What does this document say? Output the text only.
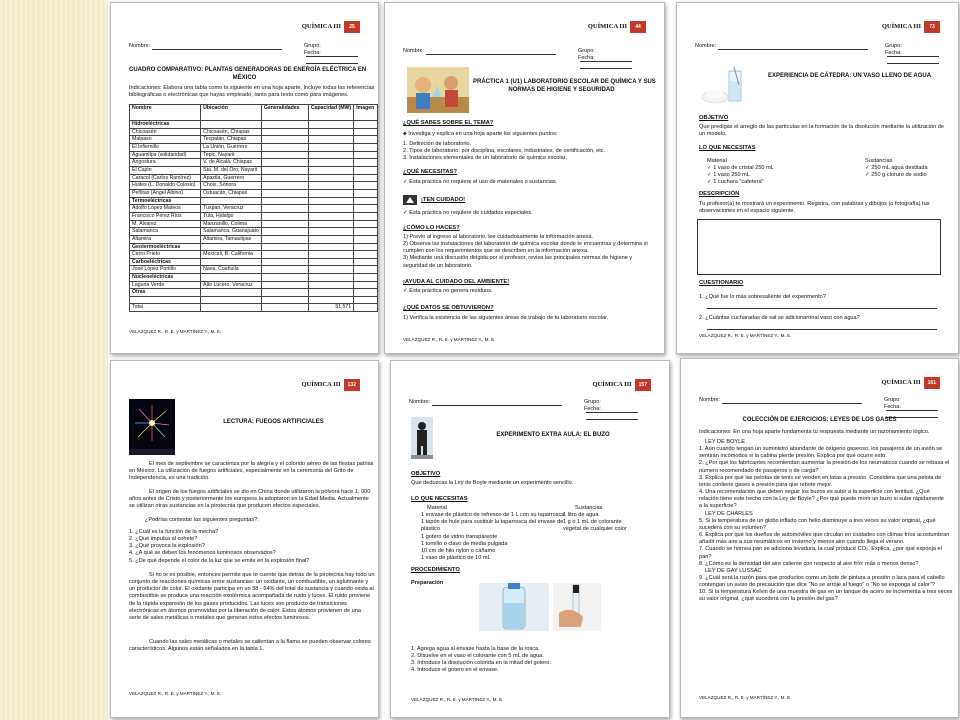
QUÍMICA III	25
Nombre:	Grupo:
Fecha:
CUADRO COMPARATIVO: PLANTAS GENERADORAS DE ENERGÍA ELÉCTRICA EN
MÉXICO
Indicaciones: Elabora una tabla como la siguiente en una hoja aparte. Incluye todas las referencias
bibliográficas o electrónicas que hayas empleado, tanto para texto como para imágenes.
Nombre	Ubicación	Generalidades	Capacidad (MW)	Imagen
Hidroeléctricas				
Chicoasén	Chicoasén, Chiapas			
Malpaso	Tecpatán, Chiapas			
El Infiernillo	La Unión, Guerrero			
Aguamilpa (solidaridad)	Tepic, Nayarit			
Angostura	V. de Alcalá, Chiapas			
El Cajón	Sta. M. del Oro, Nayarit			
Caracol (Carlos Ramírez)	Apaxtla, Guerrero			
Huites (L. Donaldo Colosio)	Choix, Sonora			
Peñitas (Ángel Albino)	Ostuacán, Chiapas			
Termoeléctricas				
Adolfo López Mateos	Tuxpan, Veracruz			
Francisco Pérez Ríos	Tula, Hidalgo			
M. Álvarez	Manzanillo, Colima			
Salamanca	Salamanca, Guanajuato			
Altamira	Altamira, Tamaulipas			
Geotermoeléctricas				
Cerro Prieto	Mexicali, B. California			
Carboeléctricas				
José López Portillo	Nava, Coahuila			
Nucleoeléctricas				
Laguna Verde	Alto Lucero, Veracruz			
Otras				

Total			51,571	
VELAZQUEZ R., R. E. y MARTÍNEZ Y., M. E.
QUÍMICA III	44
Nombre:	Grupo:
Fecha:
PRÁCTICA 1 (U1) LABORATORIO ESCOLAR DE QUÍMICA Y SUS
NORMAS DE HIGIENE Y SEGURIDAD
¿QUÉ SABES SOBRE EL TEMA?
♣ Investiga y explica en una hoja aparte los siguientes puntos:
1. Definición de laboratorio.
2. Tipos de laboratorio: por disciplina, escolares, industriales, de certificación, etc.
3. Instalaciones elementales de un laboratorio de química escolar.
¿QUÉ NECESITAS?
✓ Esta práctica no requiere el uso de materiales o sustancias.
¡TEN CUIDADO!
✓ Esta práctica no requiere de cuidados especiales.
¿CÓMO LO HACES?
1) Previo al ingreso al laboratorio, lee cuidadosamente la información anexa.
2) Observa las instalaciones del laboratorio de química escolar donde te encuentras y determina si
cumplen con los requerimientos que se describen en la información anexa.
3) Mediante una discusión dirigida por el profesor, revisa las principales normas de higiene y
seguridad de un laboratorio.
¡AYUDA AL CUIDADO DEL AMBIENTE!
✓ Esta práctica no genera residuos.
¿QUÉ DATOS SE OBTUVIERON?
1) Verifica la existencia de las siguientes áreas de trabajo de tu laboratorio escolar.
VELAZQUEZ R., R. E. y MARTÍNEZ Y., M. E.
QUÍMICA III	73
Nombre:	Grupo:
Fecha:
EXPERIENCIA DE CÁTEDRA: UN VASO LLENO DE AGUA
OBJETIVO
Que predigas el arreglo de las partículas en la formación de la disolución mediante la utilización de
un modelo.
LO QUE NECESITAS
Material
✓ 1 vaso de cristal 250 mL
✓ 1 vaso 250 mL
✓ 1 cuchara "cafetera"
Sustancias
✓ 250 mL agua destilada
✓ 250 g cloruro de sodio
DESCRIPCIÓN
Tu profesor(a) te mostrará un experimento. Registra, con palabras y dibujos (o fotografía) tus
observaciones en el espacio siguiente.
CUESTIONARIO
1. ¿Qué fue lo más sobresaliente del experimento?
2. ¿Cuántas cucharadas de sal se adicionaronal vaso con agua?
VELAZQUEZ R., R. E. y MARTÍNEZ Y., M. E.
QUÍMICA III	132
LECTURA: FUEGOS ARTIFICIALES
El mes de septiembre se caracteriza por la alegría y el colorido aéreo de las fiestas patrias
en México. La utilización de fuegos artificiales, especialmente en la ceremonia del Grito de
Independencia, es una tradición.
El origen de los fuegos artificiales se dio en China donde utilizaron la pólvora hace 1, 000
años antes de Cristo y posteriormente los europeos la adoptaron en la Edad Media. Actualmente
se utilizan otras sustancias en la pirotecnia que producen efectos especiales.
¿Podrías contestar las siguientes preguntas?:
1. ¿Cuál es la función de la mecha?
2. ¿Qué impulsa al cohete?
3. ¿Qué provoca la explosión?
4. ¿A qué se deben los fenómenos luminosos observados?
5. ¿De qué depende el color de la luz que se emite en la explosión final?
Si no te es posible, entonces permite que te cuente que detrás de la pirotecnia hay todo un
conjunto de reacciones químicas entre sustancias: un oxidante, un combustible, un aglutinante y
un productor de color. El oxidante participa en un 38 - 64% del total de sustancia y cuando oxida al
combustible se produce una reacción exotérmica acompañada de ruido y luces. El ruido proviene
de la rápida expansión de los gases producidos. Las luces son producto de transiciones
electrónicas en átomos promovidas por la liberación de calor. Estos átomos provienen de una
serie de sales metálicas o metales que generan estos efectos luminosos.
Cuando las sales metálicas o metales se calientan a la flama se pueden observar colores
característicos. Algunos están señalados en la tabla 1.
VELAZQUEZ R., R. E. y MARTÍNEZ Y., M. E.
QUÍMICA III	157
Nombre:	Grupo:
Fecha:
EXPERIMENTO EXTRA AULA: EL BUZO
OBJETIVO
Que deduzcas la Ley de Boyle mediante un experimento sencillo.
LO QUE NECESITAS
Material
1 envase de plástico de refresco de 1 L con su taparrosca
1 tapón de hule para sustituir la taparrosca del envase de
plástico
1 gotero de vidrio transparente
1 tornillo o clavo de media pulgada
10 cm de hilo nylon o cáñamo
1 vaso de plástico de 10 mL
Sustancias
1 litro de agua
1 g o 1 mL de colorante
vegetal de cualquier color
PROCEDIMIENTO
Preparación
1. Agrega agua al envase hasta la base de la rosca.
2. Disuelve en el vaso el colorante con 5 mL de agua.
3. Introduce la disolución colorida en la mitad del gotero.
4. Introduce el gotero en el envase.
VELAZQUEZ R., R. E. y MARTÍNEZ Y., M. E.
QUÍMICA III	161
Nombre:	Grupo:
Fecha:
COLECCIÓN DE EJERCICIOS: LEYES DE LOS GASES
Indicaciones: En una hoja aparte fundamenta tu respuesta mediante un razonamiento lógico.
LEY DE BOYLE
1. Aún cuando tengan un suministro abundante de oxígeno gaseoso, los pasajeros de un avión se
sentirán incómodos si la cabina pierde presión. Explica por qué ocurre esto.
2. ¿Por qué los fabricantes recomiendan aumentar la presión de los neumáticos cuando se rebasa el
número recomendado de pasajeros o de carga?
3. Explica por qué las pelotas de tenis se venden en latas a presión. Considera que una pelota de
tenis contiene gases a presión para que rebote mejor.
4. Una recomendación que deben seguir los buzos es subir a la superficie con lentitud. ¿Qué
relación tiene este hecho con la Ley de Boyle? ¿Por qué puede morir un buzo si sube rápidamente
a la superficie?
LEY DE CHARLES
5. Si la temperatura de un globo inflado con helio disminuye a tres veces su valor original, ¿qué
sucederá con su volumen?
6. Explica por qué los dueños de automóviles que circulan en ciudades con climas fríos acostumbran
añadir más aire a sus neumáticos en invierno y menos aire cuando llega el verano.
7. Cuando se hornea pan se adiciona levadura, la cual produce CO₂. Explica, ¿por qué esponja el
pan?
8. ¿Cómo es la densidad del aire caliente con respecto al aire frío: más o menos denso?
LEY DE GAY LUSSAC
9. ¿Cuál será la razón para que productos como un bote de pintura a presión o laca para el cabello
contengan un aviso de precaución que dice "No se arroje al fuego" o "No se exponga al calor"?
10. Si la temperatura Kelvin de una muestra de gas en un tanque de acero se incrementa a tres veces
su valor original, ¿qué sucederá con la presión del gas?
VELAZQUEZ R., R. E. y MARTÍNEZ Y., M. E.
